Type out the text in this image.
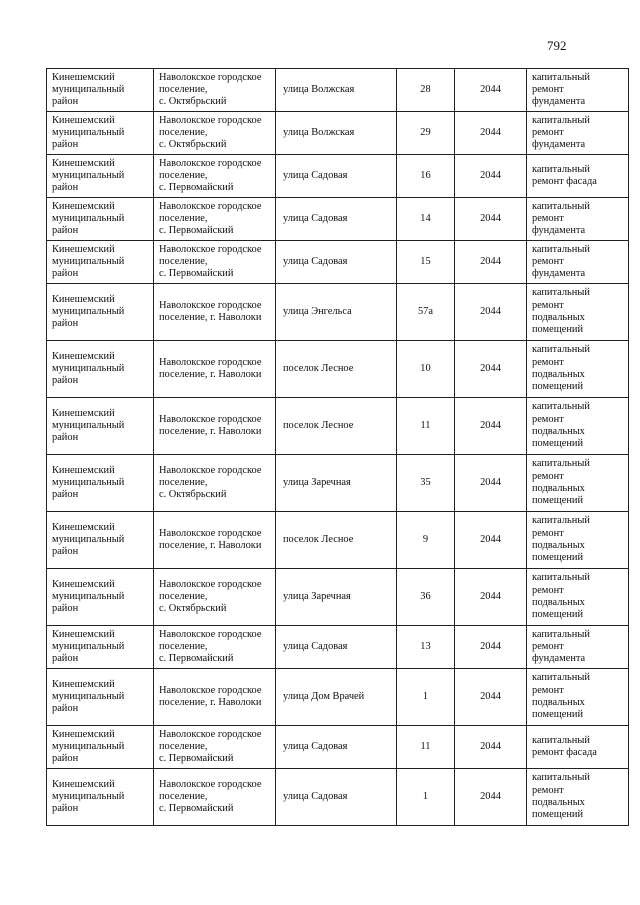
792
Кинешемский
муниципальный
район	Наволокское городское
поселение,
с. Октябрьский	улица Волжская	28	2044	капитальный
ремонт
фундамента

Кинешемский
муниципальный
район	Наволокское городское
поселение,
с. Октябрьский	улица Волжская	29	2044	капитальный
ремонт
фундамента

Кинешемский
муниципальный
район	Наволокское городское
поселение,
с. Первомайский	улица Садовая	16	2044	капитальный
ремонт фасада

Кинешемский
муниципальный
район	Наволокское городское
поселение,
с. Первомайский	улица Садовая	14	2044	капитальный
ремонт
фундамента

Кинешемский
муниципальный
район	Наволокское городское
поселение,
с. Первомайский	улица Садовая	15	2044	капитальный
ремонт
фундамента

Кинешемский
муниципальный
район	Наволокское городское
поселение, г. Наволоки	улица Энгельса	57а	2044	капитальный
ремонт
подвальных
помещений

Кинешемский
муниципальный
район	Наволокское городское
поселение, г. Наволоки	поселок Лесное	10	2044	капитальный
ремонт
подвальных
помещений

Кинешемский
муниципальный
район	Наволокское городское
поселение, г. Наволоки	поселок Лесное	11	2044	капитальный
ремонт
подвальных
помещений

Кинешемский
муниципальный
район	Наволокское городское
поселение,
с. Октябрьский	улица Заречная	35	2044	капитальный
ремонт
подвальных
помещений

Кинешемский
муниципальный
район	Наволокское городское
поселение, г. Наволоки	поселок Лесное	9	2044	капитальный
ремонт
подвальных
помещений

Кинешемский
муниципальный
район	Наволокское городское
поселение,
с. Октябрьский	улица Заречная	36	2044	капитальный
ремонт
подвальных
помещений

Кинешемский
муниципальный
район	Наволокское городское
поселение,
с. Первомайский	улица Садовая	13	2044	капитальный
ремонт
фундамента

Кинешемский
муниципальный
район	Наволокское городское
поселение, г. Наволоки	улица Дом Врачей	1	2044	капитальный
ремонт
подвальных
помещений

Кинешемский
муниципальный
район	Наволокское городское
поселение,
с. Первомайский	улица Садовая	11	2044	капитальный
ремонт фасада

Кинешемский
муниципальный
район	Наволокское городское
поселение,
с. Первомайский	улица Садовая	1	2044	капитальный
ремонт
подвальных
помещений
